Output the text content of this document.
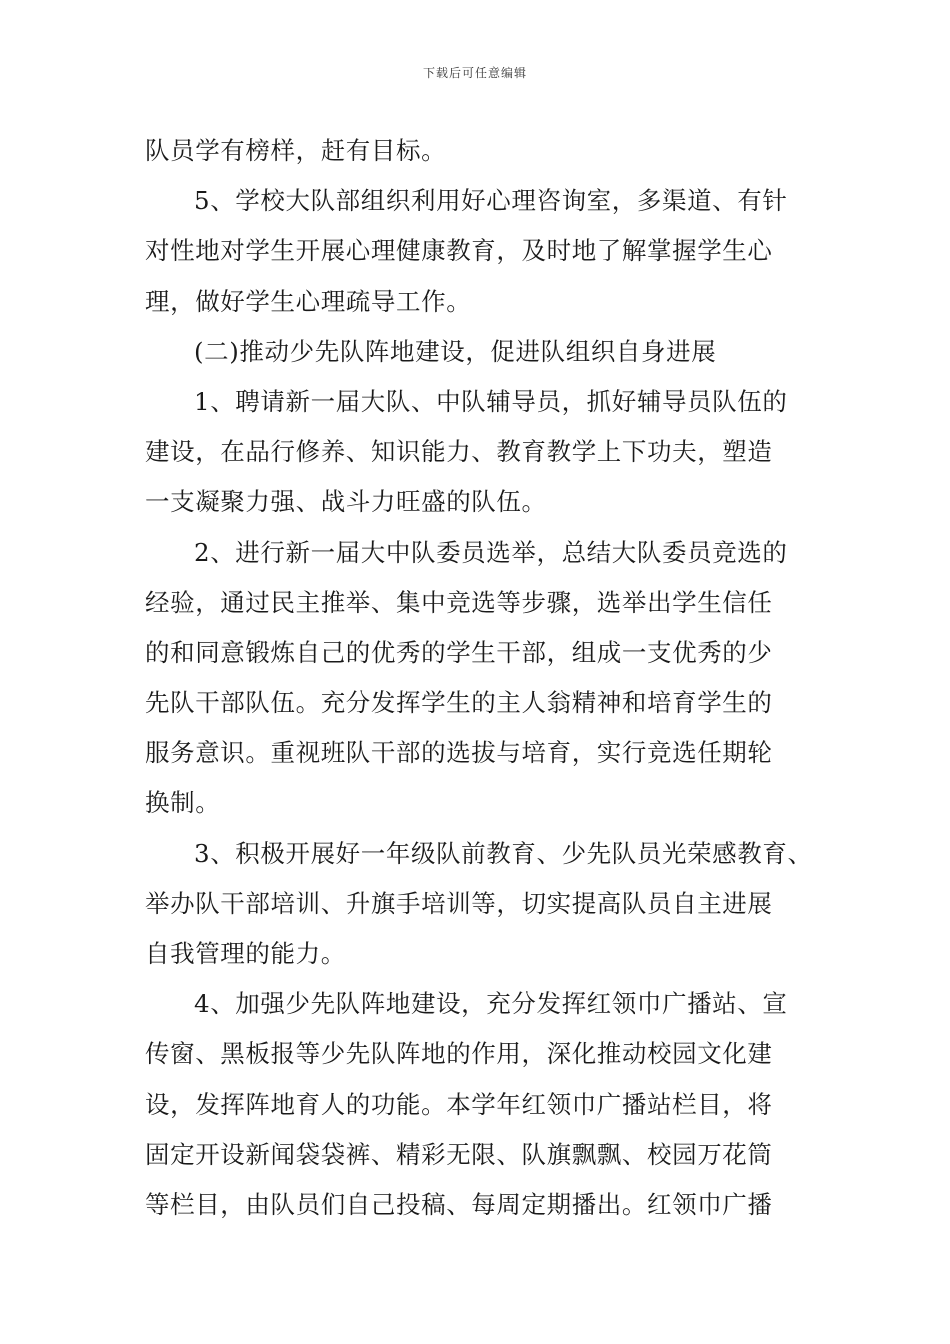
下载后可任意编辑
队员学有榜样，赶有目标。
5、学校大队部组织利用好心理咨询室，多渠道、有针
对性地对学生开展心理健康教育，及时地了解掌握学生心
理，做好学生心理疏导工作。
(二)推动少先队阵地建设，促进队组织自身进展
1、聘请新一届大队、中队辅导员，抓好辅导员队伍的
建设，在品行修养、知识能力、教育教学上下功夫，塑造
一支凝聚力强、战斗力旺盛的队伍。
2、进行新一届大中队委员选举，总结大队委员竞选的
经验，通过民主推举、集中竞选等步骤，选举出学生信任
的和同意锻炼自己的优秀的学生干部，组成一支优秀的少
先队干部队伍。充分发挥学生的主人翁精神和培育学生的
服务意识。重视班队干部的选拔与培育，实行竞选任期轮
换制。
3、积极开展好一年级队前教育、少先队员光荣感教育、
举办队干部培训、升旗手培训等，切实提高队员自主进展
自我管理的能力。
4、加强少先队阵地建设，充分发挥红领巾广播站、宣
传窗、黑板报等少先队阵地的作用，深化推动校园文化建
设，发挥阵地育人的功能。本学年红领巾广播站栏目，将
固定开设新闻袋袋裤、精彩无限、队旗飘飘、校园万花筒
等栏目，由队员们自己投稿、每周定期播出。红领巾广播
